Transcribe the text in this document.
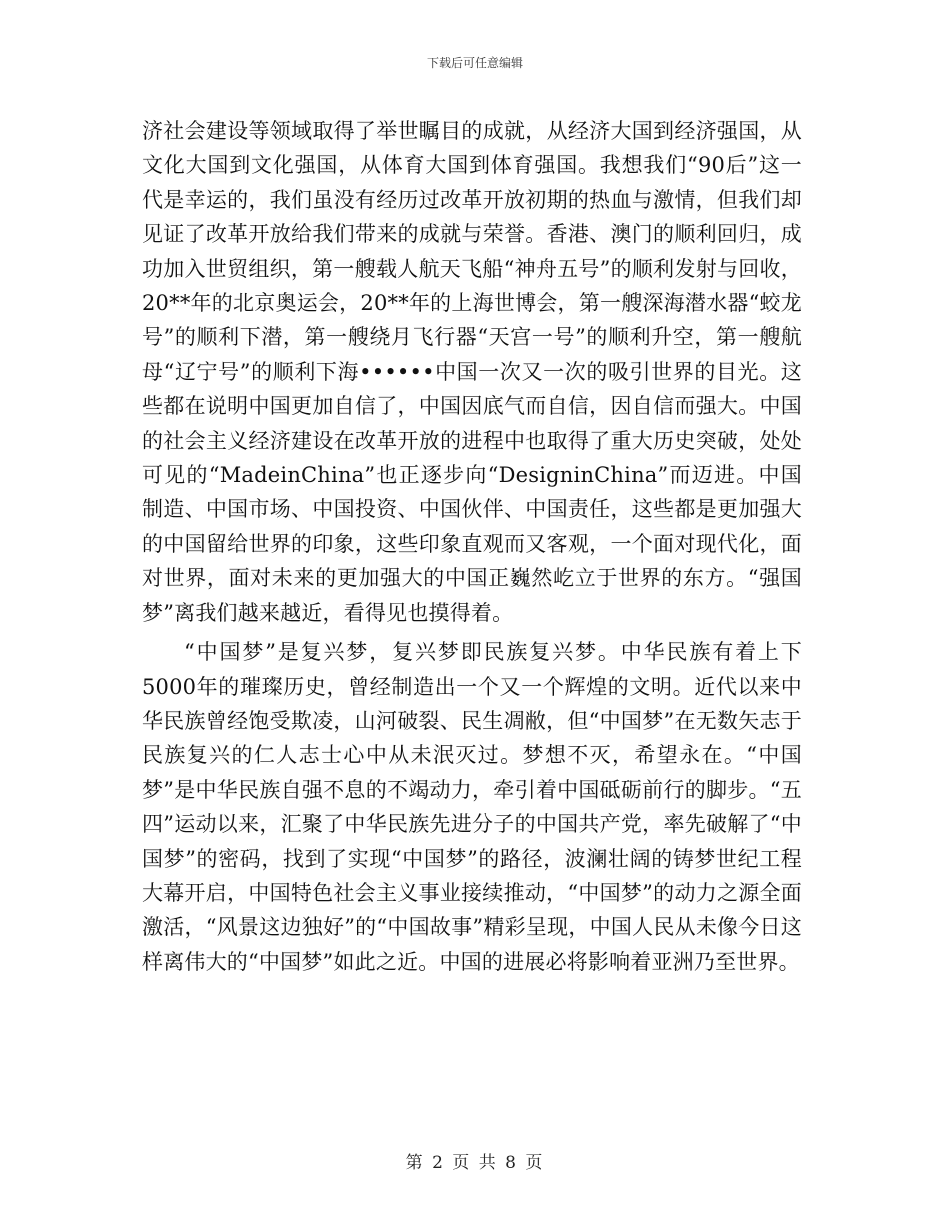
下载后可任意编辑

济社会建设等领域取得了举世瞩目的成就，从经济大国到经济强国，从文化大国到文化强国，从体育大国到体育强国。我想我们“90后”这一代是幸运的，我们虽没有经历过改革开放初期的热血与激情，但我们却见证了改革开放给我们带来的成就与荣誉。香港、澳门的顺利回归，成功加入世贸组织，第一艘载人航天飞船“神舟五号”的顺利发射与回收，20**年的北京奥运会，20**年的上海世博会，第一艘深海潜水器“蛟龙号”的顺利下潜，第一艘绕月飞行器“天宫一号”的顺利升空，第一艘航母“辽宁号”的顺利下海••••••中国一次又一次的吸引世界的目光。这些都在说明中国更加自信了，中国因底气而自信，因自信而强大。中国的社会主义经济建设在改革开放的进程中也取得了重大历史突破，处处可见的“MadeinChina”也正逐步向“DesigninChina”而迈进。中国制造、中国市场、中国投资、中国伙伴、中国责任，这些都是更加强大的中国留给世界的印象，这些印象直观而又客观，一个面对现代化，面对世界，面对未来的更加强大的中国正巍然屹立于世界的东方。“强国梦”离我们越来越近，看得见也摸得着。

“中国梦”是复兴梦，复兴梦即民族复兴梦。中华民族有着上下5000年的璀璨历史，曾经制造出一个又一个辉煌的文明。近代以来中华民族曾经饱受欺凌，山河破裂、民生凋敝，但“中国梦”在无数矢志于民族复兴的仁人志士心中从未泯灭过。梦想不灭，希望永在。“中国梦”是中华民族自强不息的不竭动力，牵引着中国砥砺前行的脚步。“五四”运动以来，汇聚了中华民族先进分子的中国共产党，率先破解了“中国梦”的密码，找到了实现“中国梦”的路径，波澜壮阔的铸梦世纪工程大幕开启，中国特色社会主义事业接续推动，“中国梦”的动力之源全面激活，“风景这边独好”的“中国故事”精彩呈现，中国人民从未像今日这样离伟大的“中国梦”如此之近。中国的进展必将影响着亚洲乃至世界。

第 2 页 共 8 页
